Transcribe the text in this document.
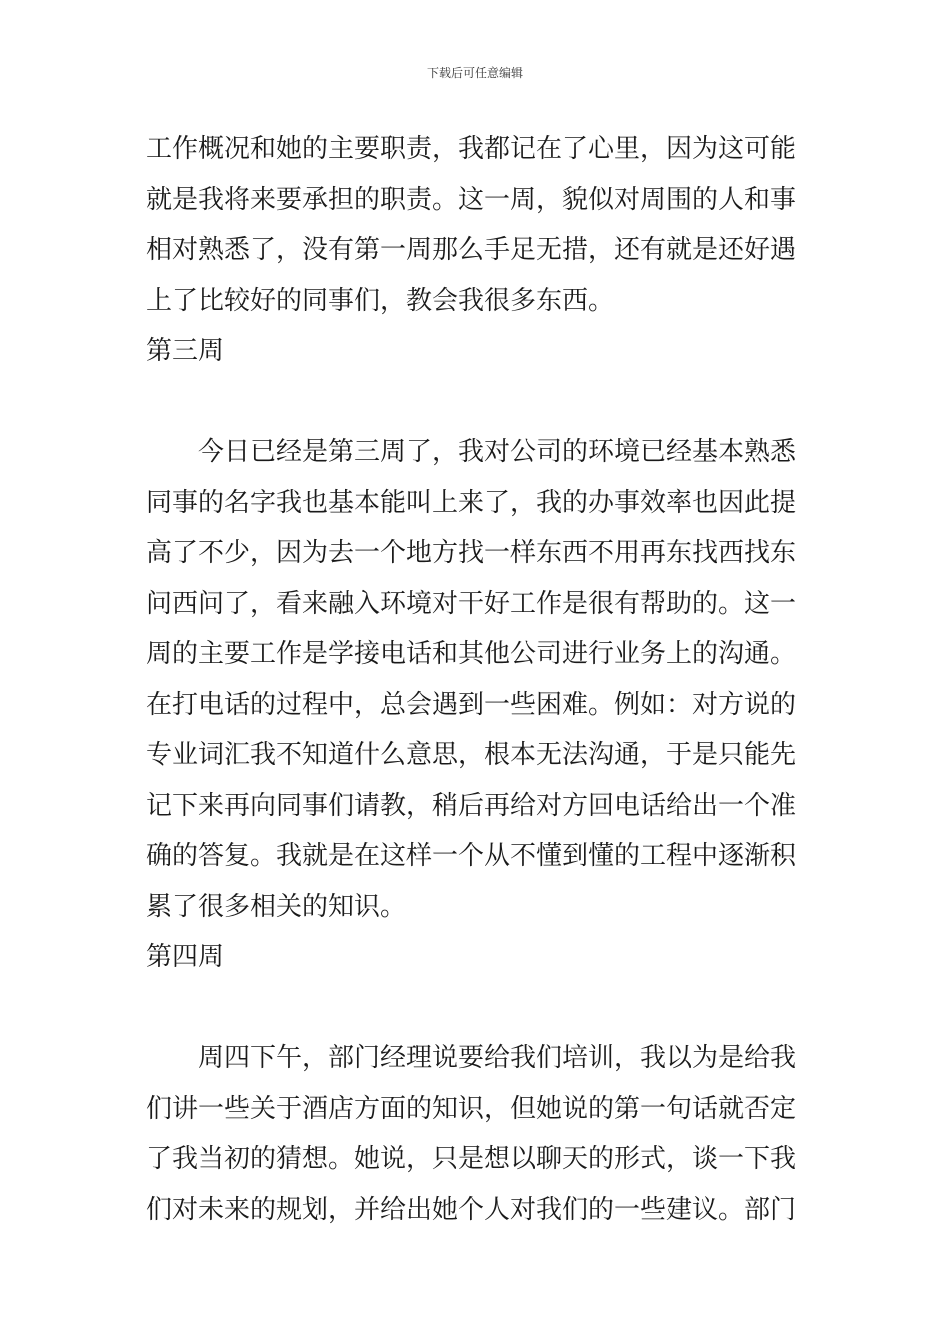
下载后可任意编辑
工作概况和她的主要职责，我都记在了心里，因为这可能
就是我将来要承担的职责。这一周，貌似对周围的人和事
相对熟悉了，没有第一周那么手足无措，还有就是还好遇
上了比较好的同事们，教会我很多东西。
第三周
今日已经是第三周了，我对公司的环境已经基本熟悉
同事的名字我也基本能叫上来了，我的办事效率也因此提
高了不少，因为去一个地方找一样东西不用再东找西找东
问西问了，看来融入环境对干好工作是很有帮助的。这一
周的主要工作是学接电话和其他公司进行业务上的沟通。
在打电话的过程中，总会遇到一些困难。例如：对方说的
专业词汇我不知道什么意思，根本无法沟通，于是只能先
记下来再向同事们请教，稍后再给对方回电话给出一个准
确的答复。我就是在这样一个从不懂到懂的工程中逐渐积
累了很多相关的知识。
第四周
周四下午，部门经理说要给我们培训，我以为是给我
们讲一些关于酒店方面的知识，但她说的第一句话就否定
了我当初的猜想。她说，只是想以聊天的形式，谈一下我
们对未来的规划，并给出她个人对我们的一些建议。部门
